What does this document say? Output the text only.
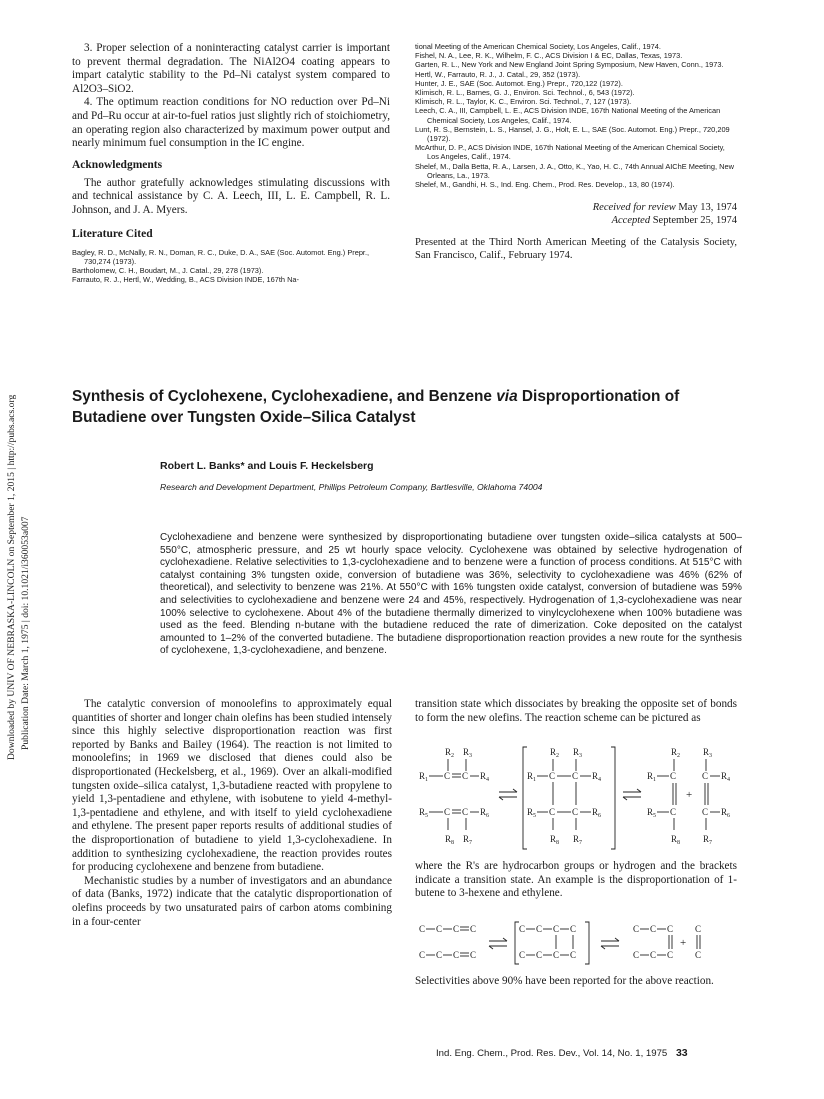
Downloaded by UNIV OF NEBRASKA-LINCOLN on September 1, 2015 | http://pubs.acs.org Publication Date: March 1, 1975 | doi: 10.1021/i360053a007

3. Proper selection of a noninteracting catalyst carrier is important to prevent thermal degradation. The NiAl2O4 coating appears to impart catalytic stability to the Pd–Ni catalyst system compared to Al2O3–SiO2.

4. The optimum reaction conditions for NO reduction over Pd–Ni and Pd–Ru occur at air-to-fuel ratios just slightly rich of stoichiometry, an operating region also characterized by maximum power output and nearly minimum fuel consumption in the IC engine.

Acknowledgments

The author gratefully acknowledges stimulating discussions with and technical assistance by C. A. Leech, III, L. E. Campbell, R. L. Johnson, and J. A. Myers.

Literature Cited
Bagley, R. D., McNally, R. N., Doman, R. C., Duke, D. A., SAE (Soc. Automot. Eng.) Prepr., 730,274 (1973).
Bartholomew, C. H., Boudart, M., J. Catal., 29, 278 (1973).
Farrauto, R. J., Hertl, W., Wedding, B., ACS Division INDE, 167th Na-
tional Meeting of the American Chemical Society, Los Angeles, Calif., 1974.
Fishel, N. A., Lee, R. K., Wilhelm, F. C., ACS Division I & EC, Dallas, Texas, 1973.
Garten, R. L., New York and New England Joint Spring Symposium, New Haven, Conn., 1973.
Hertl, W., Farrauto, R. J., J. Catal., 29, 352 (1973).
Hunter, J. E., SAE (Soc. Automot. Eng.) Prepr., 720,122 (1972).
Klimisch, R. L., Barnes, G. J., Environ. Sci. Technol., 6, 543 (1972).
Klimisch, R. L., Taylor, K. C., Environ. Sci. Technol., 7, 127 (1973).
Leech, C. A., III, Campbell, L. E., ACS Division INDE, 167th National Meeting of the American Chemical Society, Los Angeles, Calif., 1974.
Lunt, R. S., Bernstein, L. S., Hansel, J. G., Holt, E. L., SAE (Soc. Automot. Eng.) Prepr., 720,209 (1972).
McArthur, D. P., ACS Division INDE, 167th National Meeting of the American Chemical Society, Los Angeles, Calif., 1974.
Shelef, M., Dalla Betta, R. A., Larsen, J. A., Otto, K., Yao, H. C., 74th Annual AIChE Meeting, New Orleans, La., 1973.
Shelef, M., Gandhi, H. S., Ind. Eng. Chem., Prod. Res. Develop., 13, 80 (1974).
Received for review May 13, 1974
Accepted September 25, 1974

Presented at the Third North American Meeting of the Catalysis Society, San Francisco, Calif., February 1974.

Synthesis of Cyclohexene, Cyclohexadiene, and Benzene via Disproportionation of
Butadiene over Tungsten Oxide–Silica Catalyst
Robert L. Banks* and Louis F. Heckelsberg
Research and Development Department, Phillips Petroleum Company, Bartlesville, Oklahoma 74004

Cyclohexadiene and benzene were synthesized by disproportionating butadiene over tungsten oxide–silica catalysts at 500–550°C, atmospheric pressure, and 25 wt hourly space velocity. Cyclohexene was obtained by selective hydrogenation of cyclohexadiene. Relative selectivities to 1,3-cyclohexadiene and to benzene were a function of process conditions. At 515°C with catalyst containing 3% tungsten oxide, conversion of butadiene was 36%, selectivity to cyclohexadiene was 46% (62% of theoretical), and selectivity to benzene was 21%. At 550°C with 16% tungsten oxide catalyst, conversion of butadiene was 59% and selectivities to cyclohexadiene and benzene were 24 and 45%, respectively. Hydrogenation of 1,3-cyclohexadiene was near 100% selective to cyclohexene. About 4% of the butadiene thermally dimerized to vinylcyclohexene when 100% butadiene was used as the feed. Blending n-butane with the butadiene reduced the rate of dimerization. Coke deposited on the catalyst amounted to 1–2% of the converted butadiene. The butadiene disproportionation reaction provides a new route for the synthesis of cyclohexene, 1,3-cyclohexadiene, and benzene.

The catalytic conversion of monoolefins to approximately equal quantities of shorter and longer chain olefins has been studied intensely since this highly selective disproportionation reaction was first reported by Banks and Bailey (1964). The reaction is not limited to monoolefins; in 1969 we disclosed that dienes could also be disproportionated (Heckelsberg, et al., 1969). Over an alkali-modified tungsten oxide–silica catalyst, 1,3-butadiene reacted with propylene to yield 1,3-pentadiene and ethylene, with isobutene to yield 4-methyl-1,3-pentadiene and ethylene, and with itself to yield cyclohexadiene and ethylene. The present paper reports results of additional studies of the disproportionation of butadiene to yield 1,3-cyclohexadiene. In addition to synthesizing cyclohexadiene, the reaction provides routes for producing cyclohexene and benzene from butadiene.

Mechanistic studies by a number of investigators and an abundance of data (Banks, 1972) indicate that the catalytic disproportionation of olefins proceeds by two unsaturated pairs of carbon atoms combining in a four-center

transition state which dissociates by breaking the opposite set of bonds to form the new olefins. The reaction scheme can be pictured as

$R_2$ $R_3$
$R_1$ C C $R_4$
$R_5$ C C $R_6$
$R_8$ $R_7$
$R_2$ $R_3$
$R_1$ C C $R_4$
$R_5$ C C $R_6$
$R_8$ $R_7$
$R_2$	$R_3$
$R_1$ C	C $R_4$
+
$R_5$ C	C $R_6$
$R_8$	$R_7$

where the R's are hydrocarbon groups or hydrogen and the brackets indicate a transition state. An example is the disproportionation of 1-butene to 3-hexene and ethylene.

C C C C
C C C C
C C C C
C C C C
C C C C
+
C C C C

Selectivities above 90% have been reported for the above reaction.

Ind. Eng. Chem., Prod. Res. Dev., Vol. 14, No. 1, 1975 33
